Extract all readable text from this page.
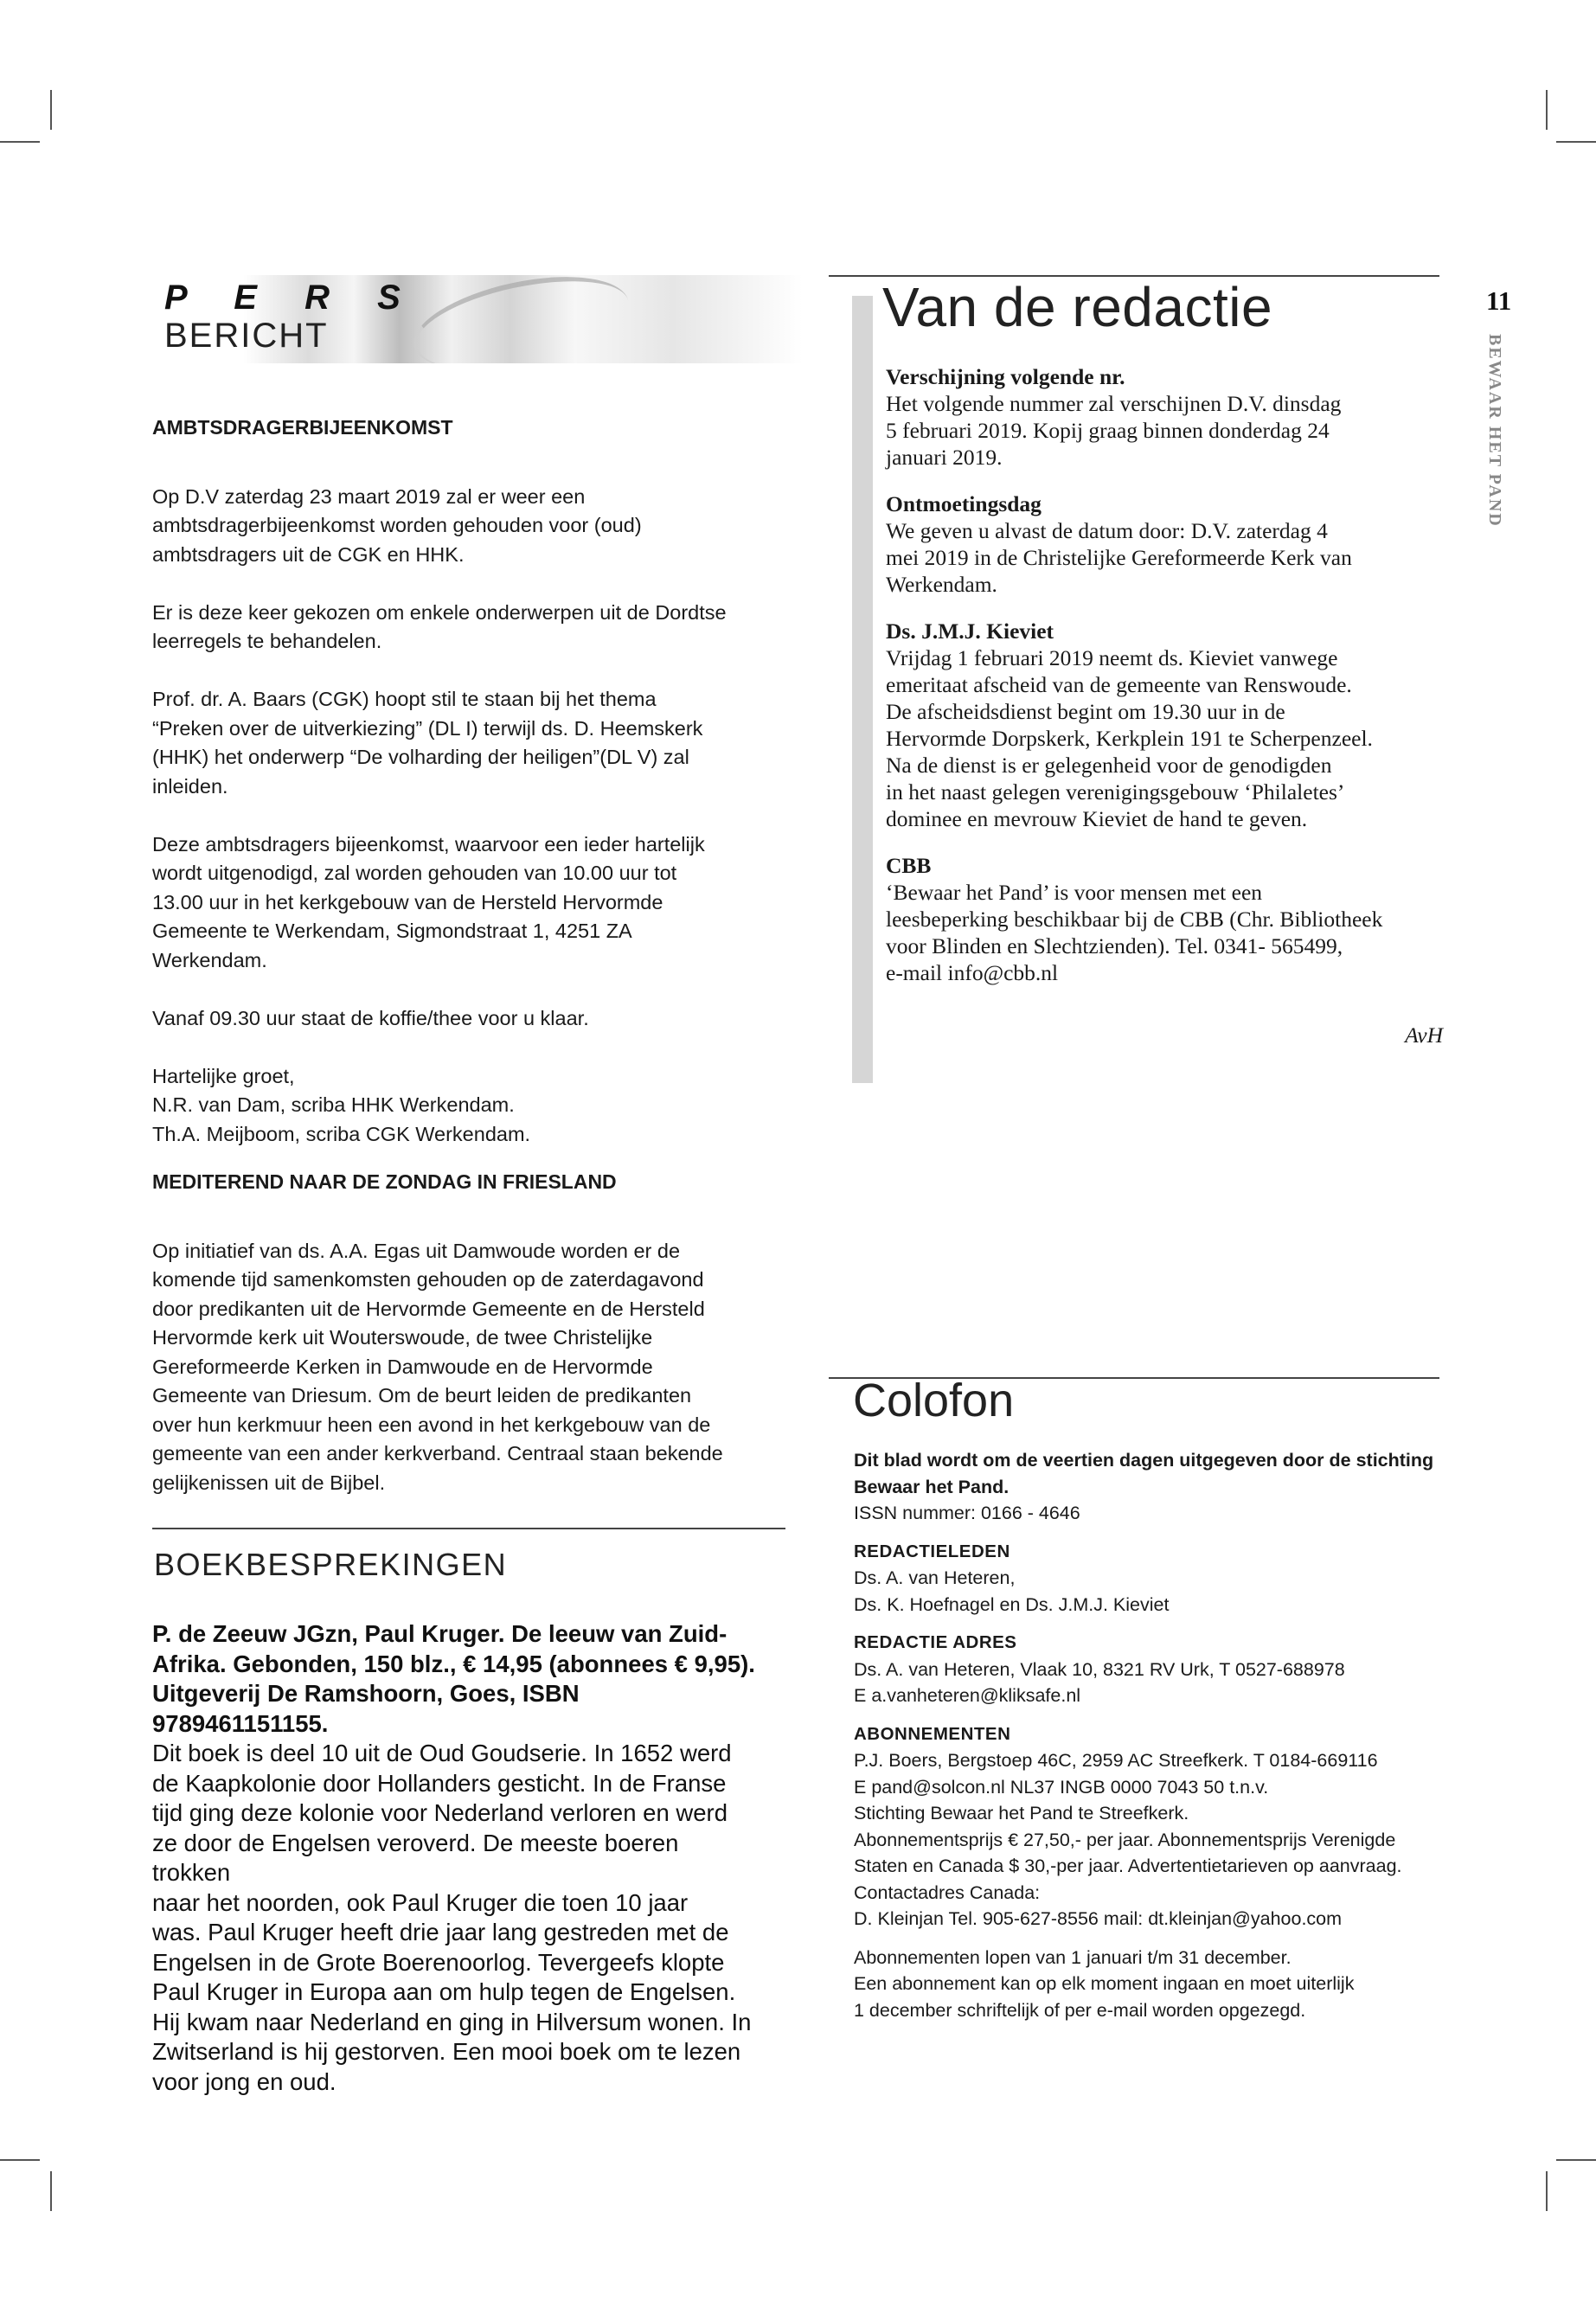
11
BEWAAR HET PAND
P E R S
BERICHT

AMBTSDRAGERBIJEENKOMST

Op D.V zaterdag 23 maart 2019 zal er weer een
ambtsdragerbijeenkomst worden gehouden voor (oud)
ambtsdragers uit de CGK en HHK.

Er is deze keer gekozen om enkele onderwerpen uit de Dordtse
leerregels te behandelen.

Prof. dr. A. Baars (CGK) hoopt stil te staan bij het thema
“Preken over de uitverkiezing” (DL I) terwijl ds. D. Heemskerk
(HHK) het onderwerp “De volharding der heiligen”(DL V) zal
inleiden.

Deze ambtsdragers bijeenkomst, waarvoor een ieder hartelijk
wordt uitgenodigd, zal worden gehouden van 10.00 uur tot
13.00 uur in het kerkgebouw van de Hersteld Hervormde
Gemeente te Werkendam, Sigmondstraat 1, 4251 ZA
Werkendam.

Vanaf 09.30 uur staat de koffie/thee voor u klaar.

Hartelijke groet,
N.R. van Dam, scriba HHK Werkendam.
Th.A. Meijboom, scriba CGK Werkendam.

MEDITEREND NAAR DE ZONDAG IN FRIESLAND

Op initiatief van ds. A.A. Egas uit Damwoude worden er de
komende tijd samenkomsten gehouden op de zaterdagavond
door predikanten uit de Hervormde Gemeente en de Hersteld
Hervormde kerk uit Wouterswoude, de twee Christelijke
Gereformeerde Kerken in Damwoude en de Hervormde
Gemeente van Driesum. Om de beurt leiden de predikanten
over hun kerkmuur heen een avond in het kerkgebouw van de
gemeente van een ander kerkverband. Centraal staan bekende
gelijkenissen uit de Bijbel.

BOEKBESPREKINGEN
P. de Zeeuw JGzn, Paul Kruger. De leeuw van Zuid-
Afrika. Gebonden, 150 blz., € 14,95 (abonnees € 9,95).
Uitgeverij De Ramshoorn, Goes, ISBN 9789461151155.
Dit boek is deel 10 uit de Oud Goudserie. In 1652 werd
de Kaapkolonie door Hollanders gesticht. In de Franse
tijd ging deze kolonie voor Nederland verloren en werd
ze door de Engelsen veroverd. De meeste boeren trokken
naar het noorden, ook Paul Kruger die toen 10 jaar
was. Paul Kruger heeft drie jaar lang gestreden met de
Engelsen in de Grote Boerenoorlog. Tevergeefs klopte
Paul Kruger in Europa aan om hulp tegen de Engelsen.
Hij kwam naar Nederland en ging in Hilversum wonen. In
Zwitserland is hij gestorven. Een mooi boek om te lezen
voor jong en oud.
Van de redactie
Verschijning volgende nr.
Het volgende nummer zal verschijnen D.V. dinsdag
5 februari 2019. Kopij graag binnen donderdag 24
januari 2019.
Ontmoetingsdag
We geven u alvast de datum door: D.V. zaterdag 4
mei 2019 in de Christelijke Gereformeerde Kerk van
Werkendam.
Ds. J.M.J. Kieviet
Vrijdag 1 februari 2019 neemt ds. Kieviet vanwege
emeritaat afscheid van de gemeente van Renswoude.
De afscheidsdienst begint om 19.30 uur in de
Hervormde Dorpskerk, Kerkplein 191 te Scherpenzeel.
Na de dienst is er gelegenheid voor de genodigden
in het naast gelegen verenigingsgebouw ‘Philaletes’
dominee en mevrouw Kieviet de hand te geven.
CBB
‘Bewaar het Pand’ is voor mensen met een
leesbeperking beschikbaar bij de CBB (Chr. Bibliotheek
voor Blinden en Slechtzienden). Tel. 0341- 565499,
e-mail info@cbb.nl
AvH
Colofon
Dit blad wordt om de veertien dagen uitgegeven door de stichting
Bewaar het Pand.
ISSN nummer: 0166 - 4646
REDACTIELEDEN
Ds. A. van Heteren,
Ds. K. Hoefnagel en Ds. J.M.J. Kieviet
REDACTIE ADRES
Ds. A. van Heteren, Vlaak 10, 8321 RV Urk, T 0527-688978
E a.vanheteren@kliksafe.nl
ABONNEMENTEN
P.J. Boers, Bergstoep 46C, 2959 AC Streefkerk. T 0184-669116
E pand@solcon.nl NL37 INGB 0000 7043 50 t.n.v.
Stichting Bewaar het Pand te Streefkerk.
Abonnementsprijs € 27,50,- per jaar. Abonnementsprijs Verenigde
Staten en Canada $ 30,-per jaar. Advertentietarieven op aanvraag.
Contactadres Canada:
D. Kleinjan Tel. 905-627-8556 mail: dt.kleinjan@yahoo.com
Abonnementen lopen van 1 januari t/m 31 december.
Een abonnement kan op elk moment ingaan en moet uiterlijk
1 december schriftelijk of per e-mail worden opgezegd.
